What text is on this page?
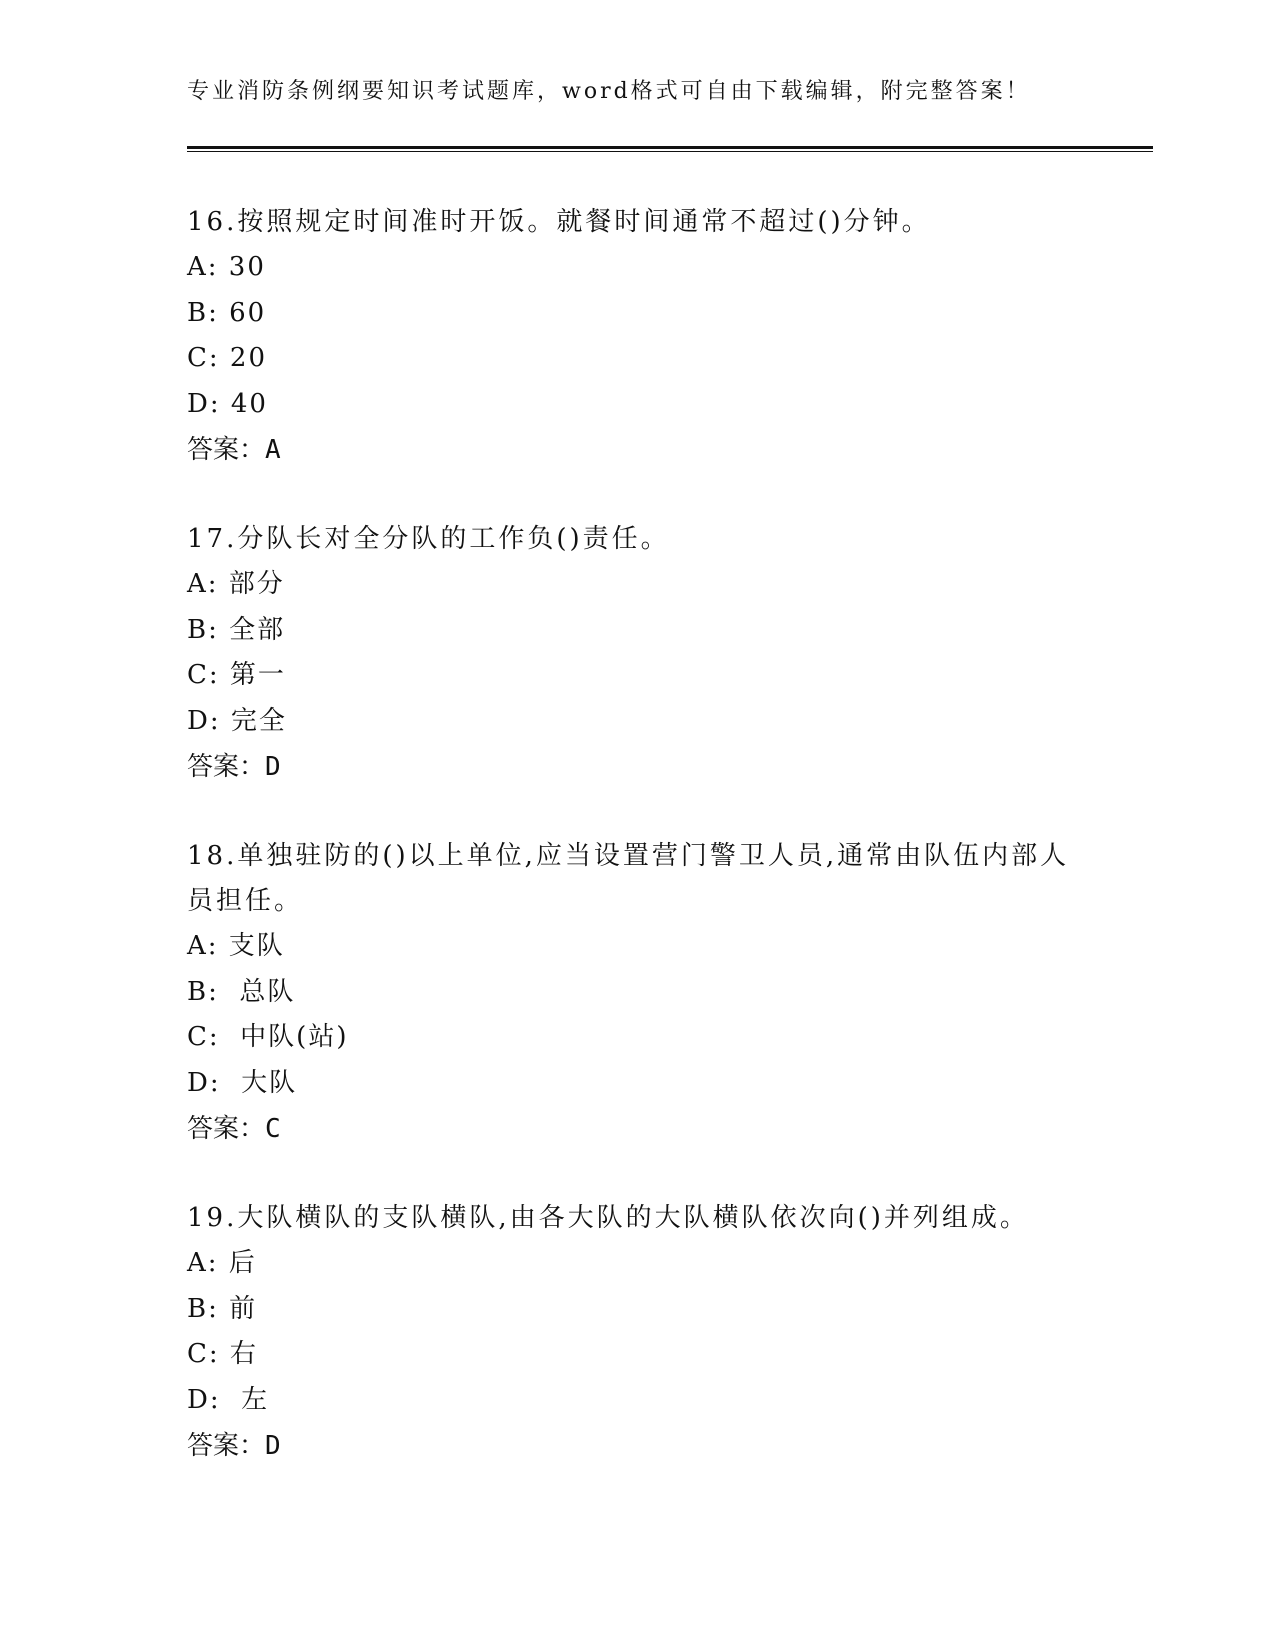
专业消防条例纲要知识考试题库，word格式可自由下载编辑，附完整答案！
16.按照规定时间准时开饭。就餐时间通常不超过()分钟。
A: 30
B: 60
C: 20
D: 40
答案：A
17.分队长对全分队的工作负()责任。
A: 部分
B: 全部
C: 第一
D: 完全
答案：D
18.单独驻防的()以上单位,应当设置营门警卫人员,通常由队伍内部人员担任。
A: 支队
B:  总队
C:  中队(站)
D:  大队
答案：C
19.大队横队的支队横队,由各大队的大队横队依次向()并列组成。
A: 后
B: 前
C: 右
D:  左
答案：D
